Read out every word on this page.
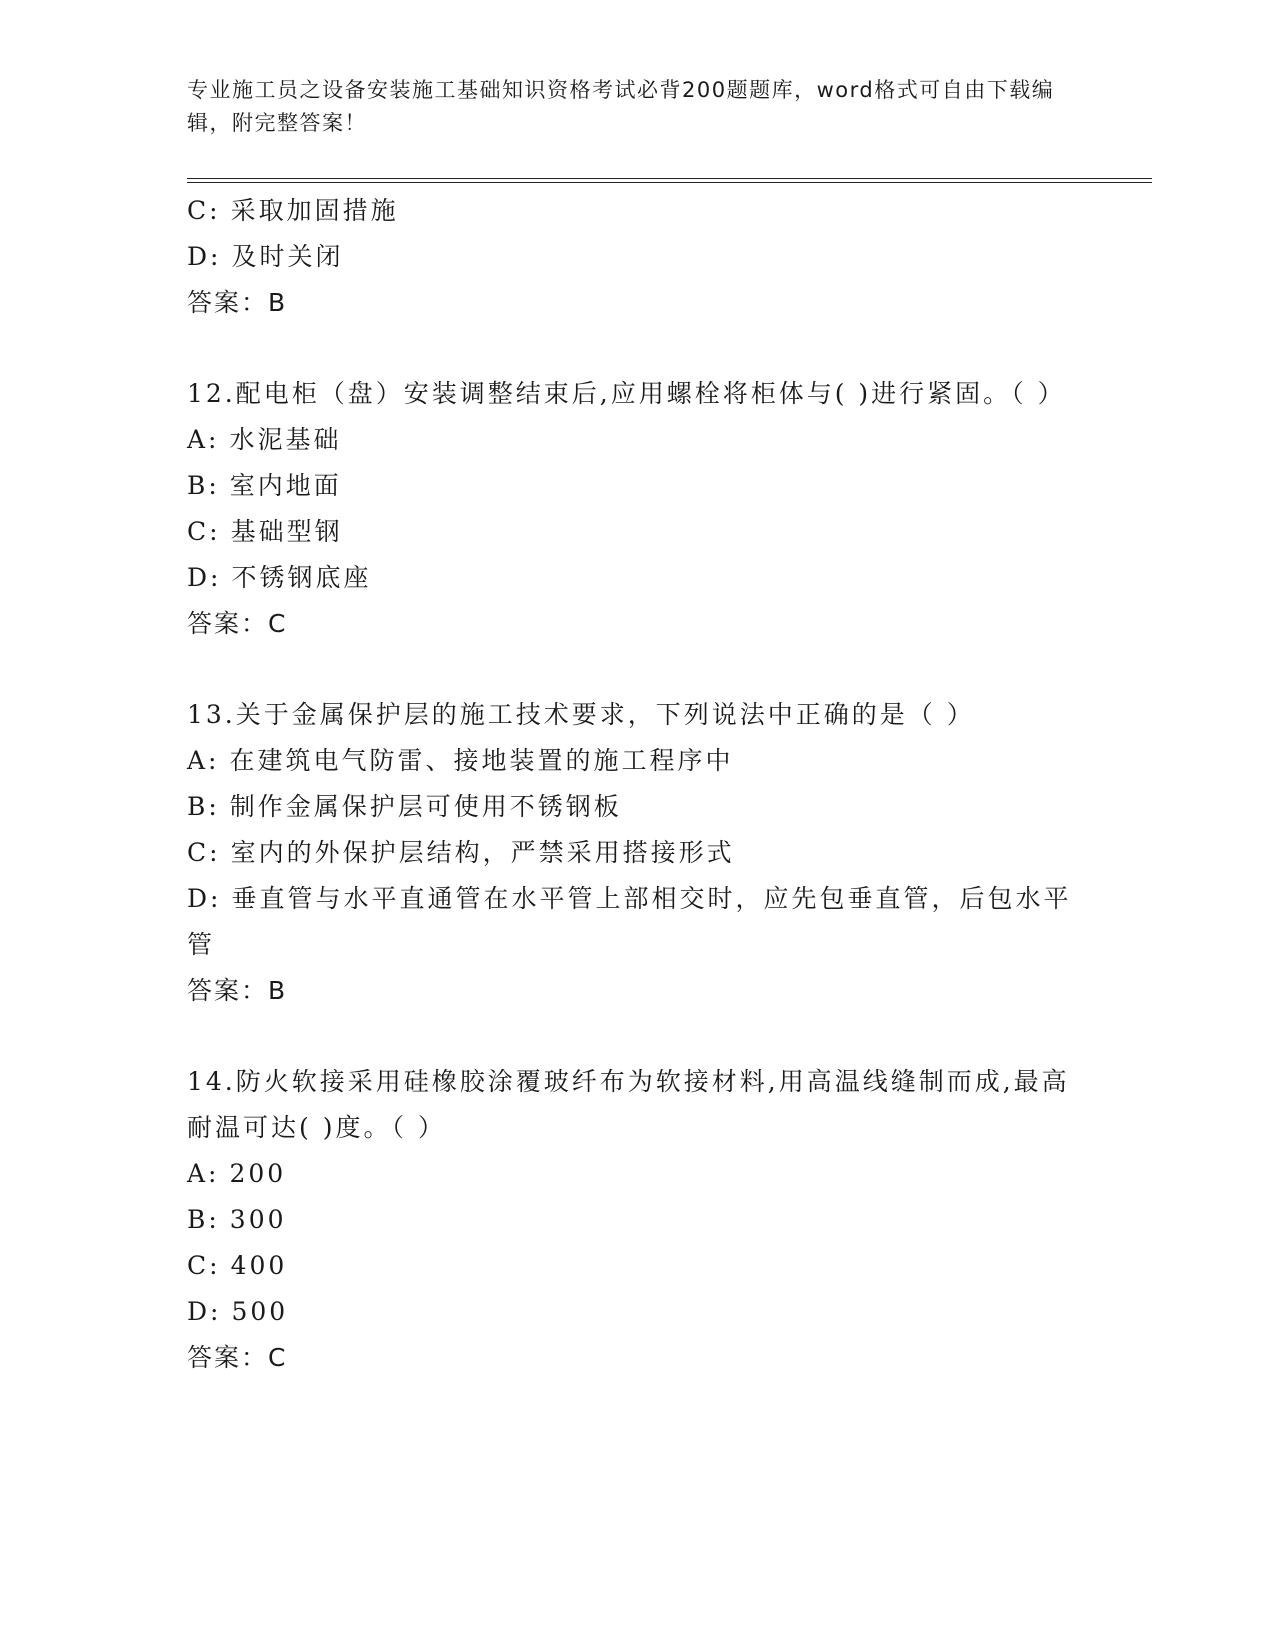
专业施工员之设备安装施工基础知识资格考试必背200题题库，word格式可自由下载编辑，附完整答案！
C: 采取加固措施
D: 及时关闭
答案：B
12.配电柜（盘）安装调整结束后,应用螺栓将柜体与( )进行紧固。（ ）
A: 水泥基础
B: 室内地面
C: 基础型钢
D: 不锈钢底座
答案：C
13.关于金属保护层的施工技术要求，下列说法中正确的是（ ）
A: 在建筑电气防雷、接地装置的施工程序中
B: 制作金属保护层可使用不锈钢板
C: 室内的外保护层结构，严禁采用搭接形式
D: 垂直管与水平直通管在水平管上部相交时，应先包垂直管，后包水平管
答案：B
14.防火软接采用硅橡胶涂覆玻纤布为软接材料,用高温线缝制而成,最高耐温可达( )度。（ ）
A: 200
B: 300
C: 400
D: 500
答案：C
